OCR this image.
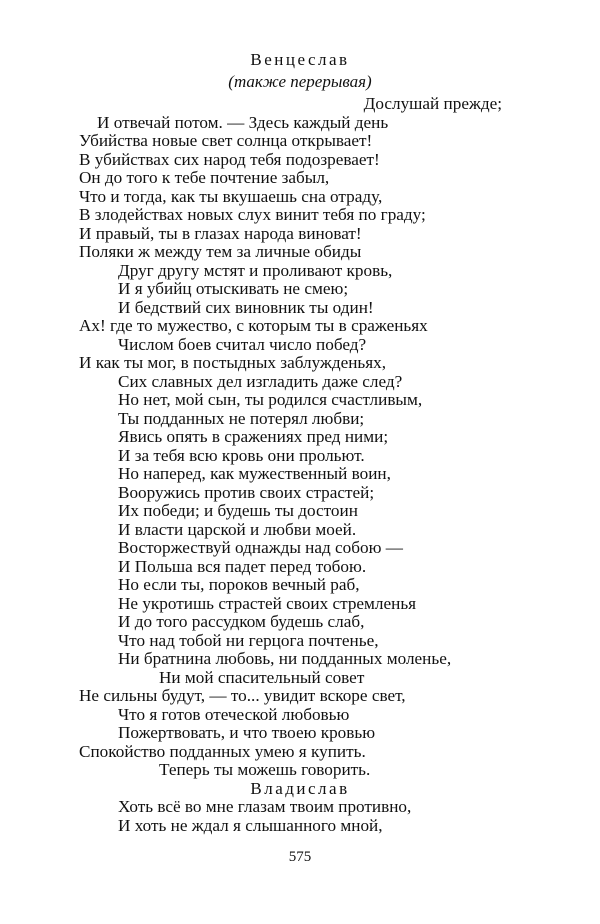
Венцеслав
(также перерывая)
Дослушай прежде;
И отвечай потом. — Здесь каждый день
Убийства новые свет солнца открывает!
В убийствах сих народ тебя подозревает!
Он до того к тебе почтение забыл,
Что и тогда, как ты вкушаешь сна отраду,
В злодействах новых слух винит тебя по граду;
И правый, ты в глазах народа виноват!
Поляки ж между тем за личные обиды
Друг другу мстят и проливают кровь,
И я убийц отыскивать не смею;
И бедствий сих виновник ты один!
Ах! где то мужество, с которым ты в сраженьях
Числом боев считал число побед?
И как ты мог, в постыдных заблужденьях,
Сих славных дел изгладить даже след?
Но нет, мой сын, ты родился счастливым,
Ты подданных не потерял любви;
Явись опять в сражениях пред ними;
И за тебя всю кровь они прольют.
Но наперед, как мужественный воин,
Вооружись против своих страстей;
Их победи; и будешь ты достоин
И власти царской и любви моей.
Восторжествуй однажды над собою —
И Польша вся падет перед тобою.
Но если ты, пороков вечный раб,
Не укротишь страстей своих стремленья
И до того рассудком будешь слаб,
Что над тобой ни герцога почтенье,
Ни братнина любовь, ни подданных моленье,
Ни мой спасительный совет
Не сильны будут, — то... увидит вскоре свет,
Что я готов отеческой любовью
Пожертвовать, и что твоею кровью
Спокойство подданных умею я купить.
Теперь ты можешь говорить.
Владислав
Хоть всё во мне глазам твоим противно,
И хоть не ждал я слышанного мной,
575
